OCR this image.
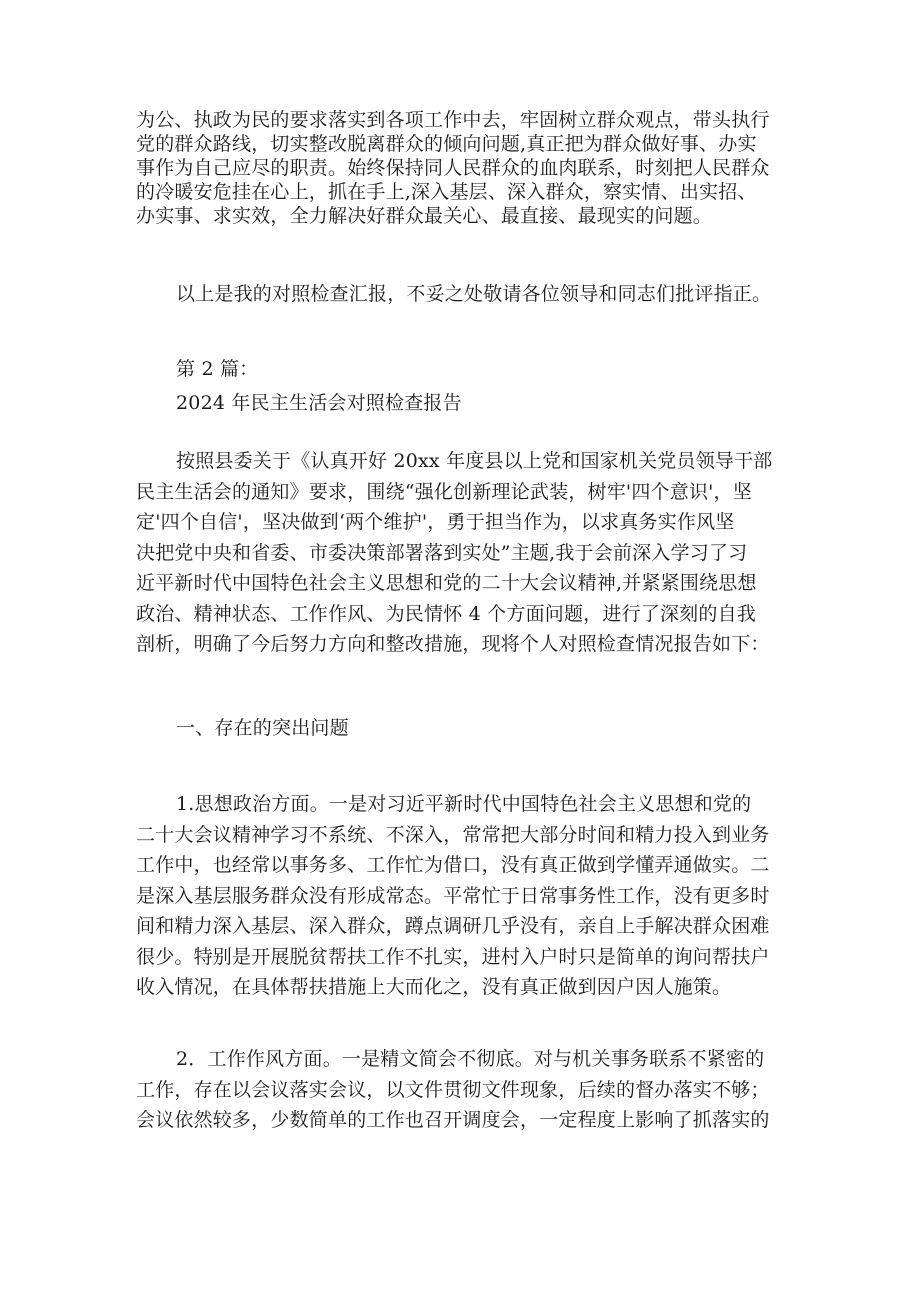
为公、执政为民的要求落实到各项工作中去，牢固树立群众观点，带头执行
党的群众路线，切实整改脱离群众的倾向问题,真正把为群众做好事、办实
事作为自己应尽的职责。始终保持同人民群众的血肉联系，时刻把人民群众
的冷暖安危挂在心上，抓在手上,深入基层、深入群众，察实情、出实招、
办实事、求实效，全力解决好群众最关心、最直接、最现实的问题。
以上是我的对照检查汇报，不妥之处敬请各位领导和同志们批评指正。
第 2 篇：
2024 年民主生活会对照检查报告
按照县委关于《认真开好 20xx 年度县以上党和国家机关党员领导干部
民主生活会的通知》要求，围绕“强化创新理论武装，树牢'四个意识'，坚
定'四个自信'，坚决做到‘两个维护'，勇于担当作为，以求真务实作风坚
决把党中央和省委、市委决策部署落到实处”主题,我于会前深入学习了习
近平新时代中国特色社会主义思想和党的二十大会议精神,并紧紧围绕思想
政治、精神状态、工作作风、为民情怀 4 个方面问题，进行了深刻的自我
剖析，明确了今后努力方向和整改措施，现将个人对照检查情况报告如下：
一、存在的突出问题
1.思想政治方面。一是对习近平新时代中国特色社会主义思想和党的
二十大会议精神学习不系统、不深入，常常把大部分时间和精力投入到业务
工作中，也经常以事务多、工作忙为借口，没有真正做到学懂弄通做实。二
是深入基层服务群众没有形成常态。平常忙于日常事务性工作，没有更多时
间和精力深入基层、深入群众，蹲点调研几乎没有，亲自上手解决群众困难
很少。特别是开展脱贫帮扶工作不扎实，进村入户时只是简单的询问帮扶户
收入情况，在具体帮扶措施上大而化之，没有真正做到因户因人施策。
2．工作作风方面。一是精文简会不彻底。对与机关事务联系不紧密的
工作，存在以会议落实会议，以文件贯彻文件现象，后续的督办落实不够；
会议依然较多，少数简单的工作也召开调度会，一定程度上影响了抓落实的
